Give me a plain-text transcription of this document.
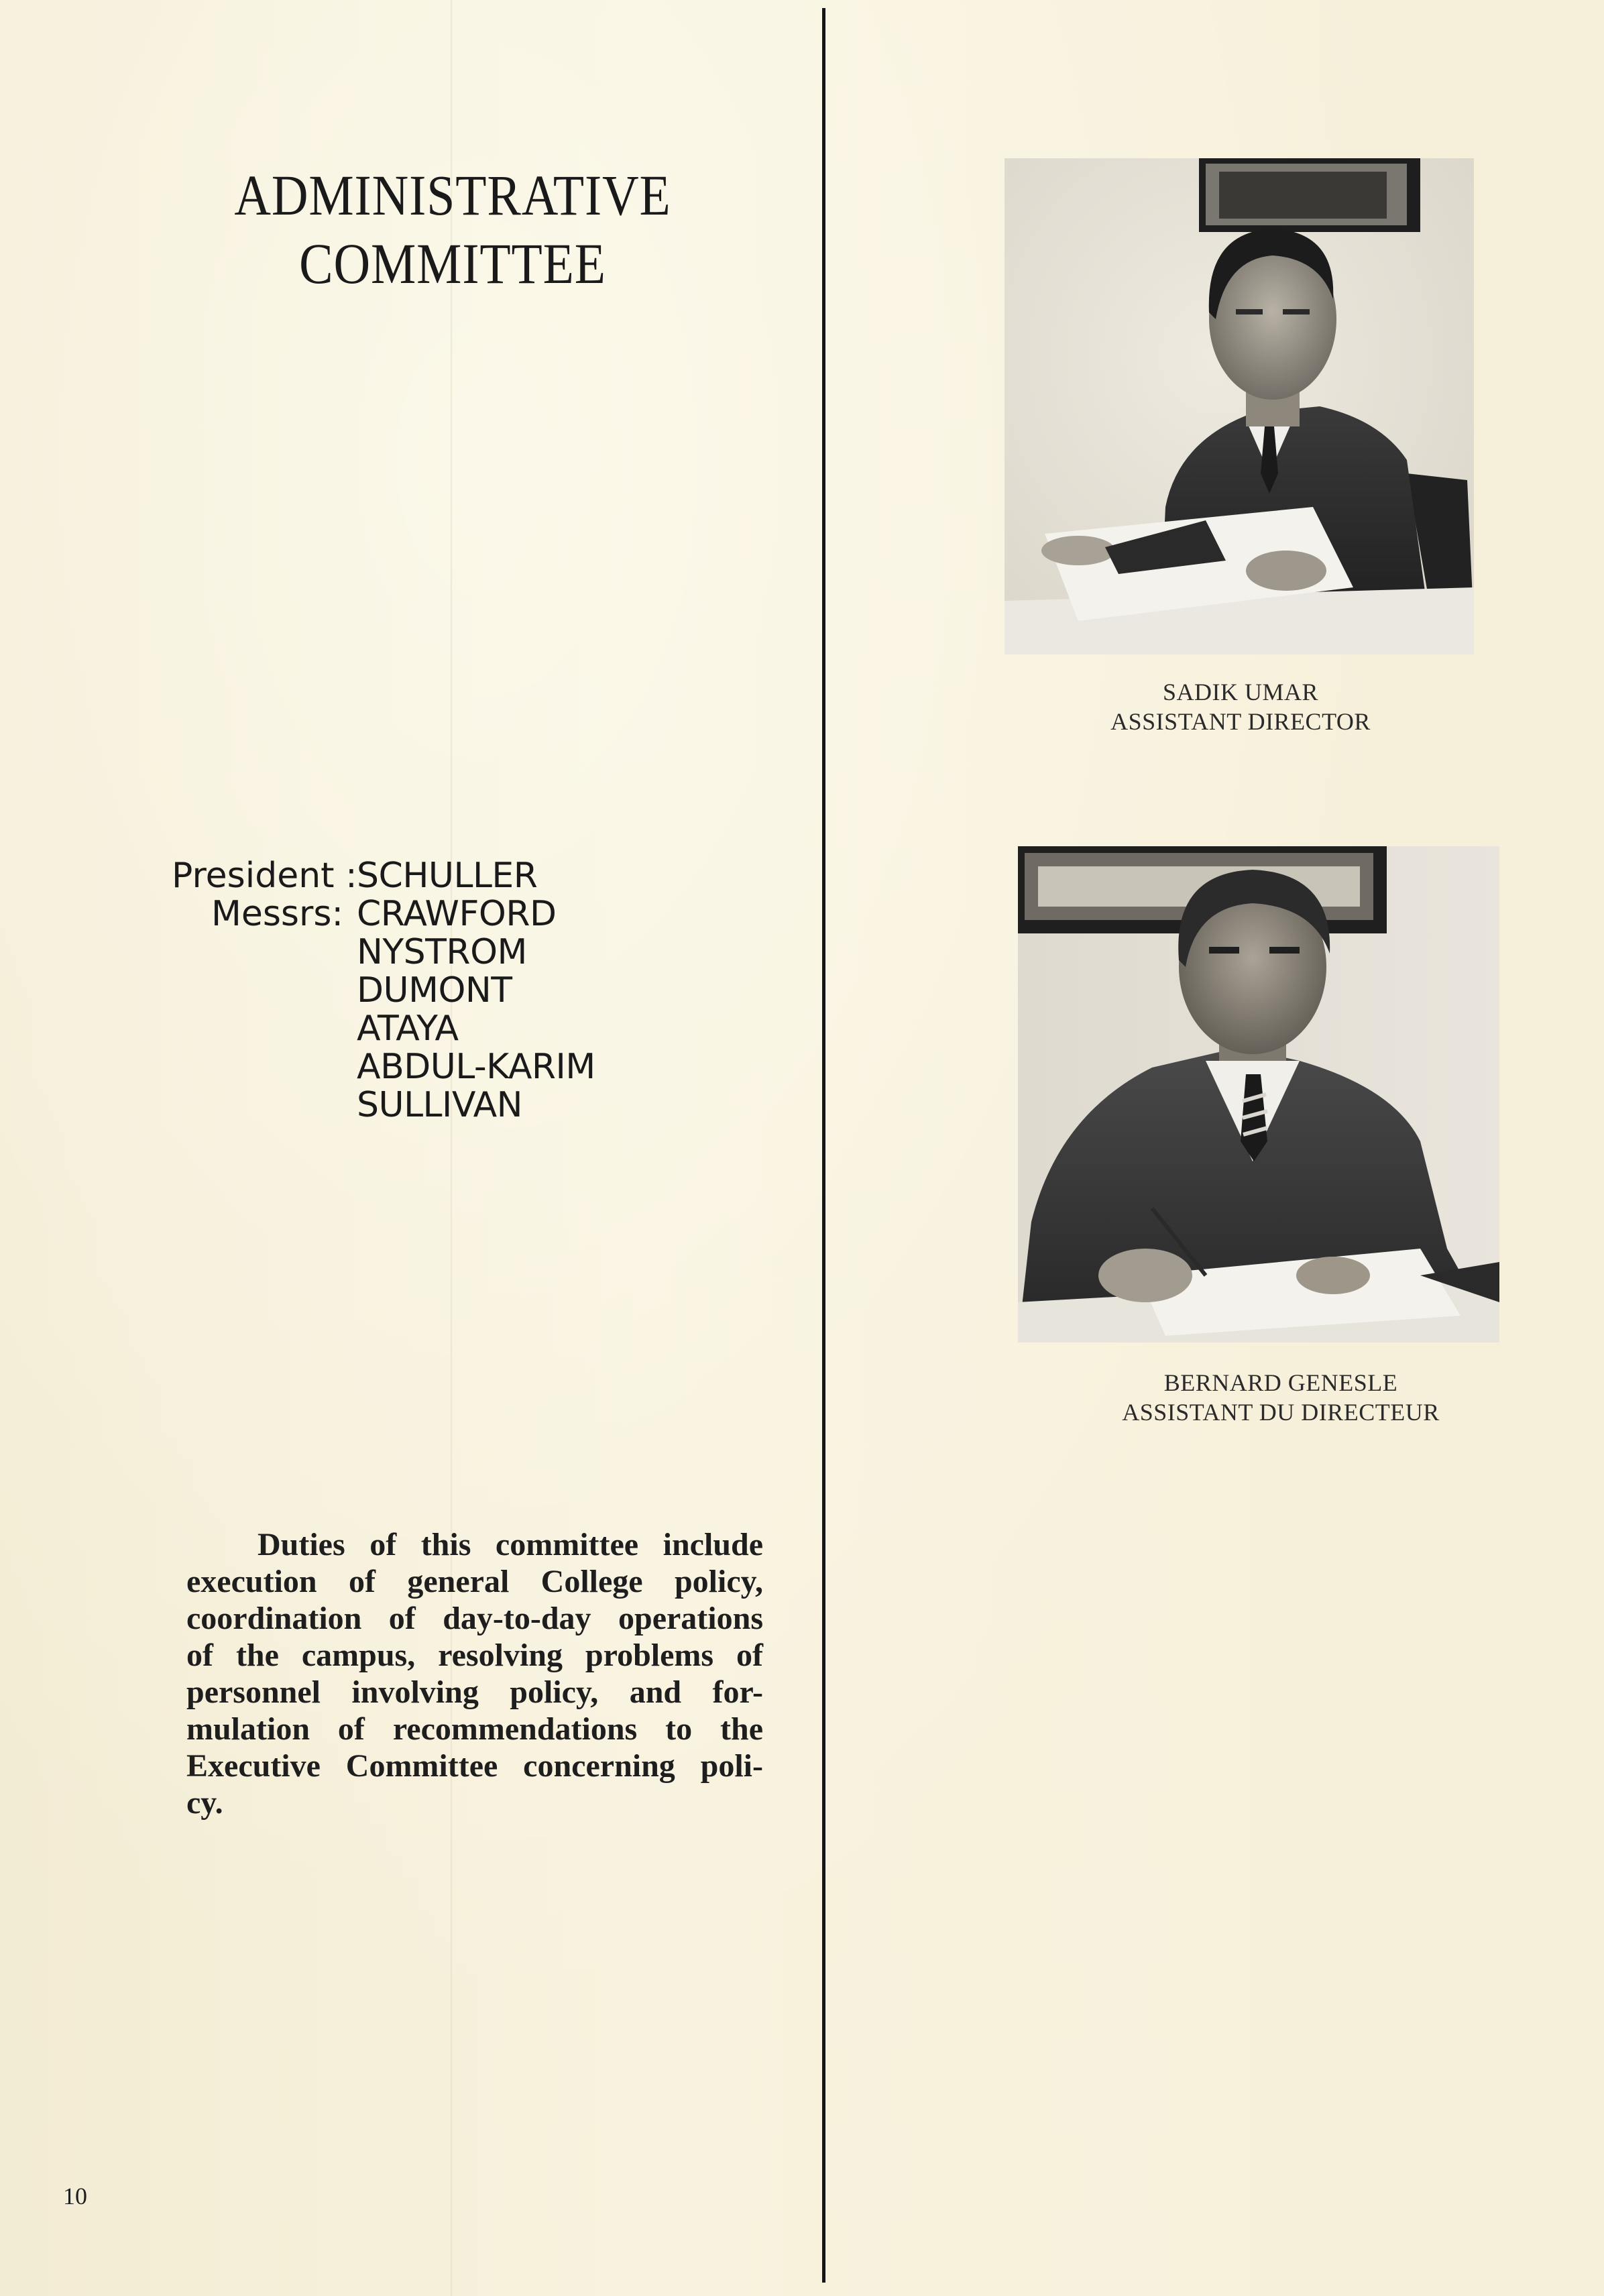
ADMINISTRATIVE
COMMITTEE
President : SCHULLER
Messrs: CRAWFORD
NYSTROM
DUMONT
ATAYA
ABDUL-KARIM
SULLIVAN
Duties of this committee include
execution of general College policy,
coordination of day-to-day operations
of the campus, resolving problems of
personnel involving policy, and for-
mulation of recommendations to the
Executive Committee concerning poli-
cy.
SADIK UMAR
ASSISTANT DIRECTOR
BERNARD GENESLE
ASSISTANT DU DIRECTEUR
10
